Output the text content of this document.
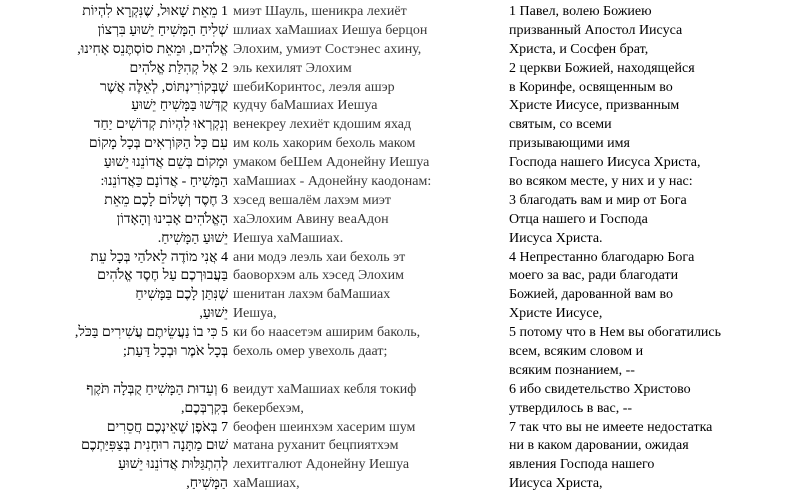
1 מֵאֵת שָׁאוּל, שֶׁנִּקְרָא לִהְיוֹת
שְׁלִיחַ הַמָּשִׁיחַ יֵשׁוּעַ בִּרְצוֹן
אֱלֹהִים, וּמֵאֵת סוֹסְתֶּנֵס אָחִינוּ,
2 אֶל קְהִלַּת אֱלֹהִים
שֶׁבְּקוֹרִינְתּוֹס, לְאֵלֶּה אֲשֶׁר
קֻדְּשׁוּ בַּמָּשִׁיחַ יֵשׁוּעַ
וְנִקְרְאוּ לִהְיוֹת קְדוֹשִׁים יַחַד
עִם כָּל הַקּוֹרְאִים בְּכָל מָקוֹם
וּמָקוֹם בְּשֵׁם אֲדוֹנֵנוּ יֵשׁוּעַ
הַמָּשִׁיחַ - אֲדוֹנָם כַּאֲדוֹנֵנוּ:
3 חֶסֶד וְשָׁלוֹם לָכֶם מֵאֵת
הָאֱלֹהִים אָבִינוּ וְהָאָדוֹן
יֵשׁוּעַ הַמָּשִׁיחַ.
4 אֲנִי מוֹדֶה לֵאלֹהַי בְּכָל עֵת
בַּעֲבוּרְכֶם עַל חֶסֶד אֱלֹהִים
שֶׁנִּתַּן לָכֶם בַּמָּשִׁיחַ
יֵשׁוּעַ,
5 כִּי בוֹ נַעֲשֵׂיתֶם עֲשִׁירִים בַּכֹּל,
בְּכָל אֹמֶר וּבְכָל דַּעַת;
6 וְעֵדוּת הַמָּשִׁיחַ קֻבְּלָה תֹּקֶף
בְּקִרְבְּכֶם,
7 בְּאֹפֶן שֶׁאֵינְכֶם חֲסֵרִים
שׁוּם מַתָּנָה רוּחָנִית בְּצַפִּיַּתְכֶם
לְהִתְגַּלּוּת אֲדוֹנֵנוּ יֵשׁוּעַ
הַמָּשִׁיחַ,
миэт Шауль, шеникра лехиёт
шлиах хаМашиах Иешуа берцон
Элохим, умиэт Состэнес ахину,
эль кехилят Элохим
шебиКоринтос, леэля ашэр
кудчу баМашиах Иешуа
венекреу лехиёт кдошим яхад
им коль хакорим бехоль маком
умаком беШем Адонейну Иешуа
хаМашиах - Адонейну каодонам:
хэсед вешалём лахэм миэт
хаЭлохим Авину веаАдон
Иешуа хаМашиах.
ани модэ леэль хаи бехоль эт
баоворхэм аль хэсед Элохим
шенитан лахэм баМашиах
Иешуа,
ки бо наасетэм аширим баколь,
бехоль омер увехоль даат;
веидут хаМашиах кебля токиф
бекербехэм,
беофен шеинхэм хасерим шум
матана руханит бецпиятхэм
лехитгалют Адонейну Иешуа
хаМашиах,
1 Павел, волею Божиею
призванный Апостол Иисуса
Христа, и Сосфен брат,
2 церкви Божией, находящейся
в Коринфе, освященным во
Христе Иисусе, призванным
святым, со всеми
призывающими имя
Господа нашего Иисуса Христа,
во всяком месте, у них и у нас:
3 благодать вам и мир от Бога
Отца нашего и Господа
Иисуса Христа.
4 Непрестанно благодарю Бога
моего за вас, ради благодати
Божией, дарованной вам во
Христе Иисусе,
5 потому что в Нем вы обогатились
всем, всяким словом и
всяким познанием, --
6 ибо свидетельство Христово
утвердилось в вас, --
7 так что вы не имеете недостатка
ни в каком даровании, ожидая
явления Господа нашего
Иисуса Христа,
